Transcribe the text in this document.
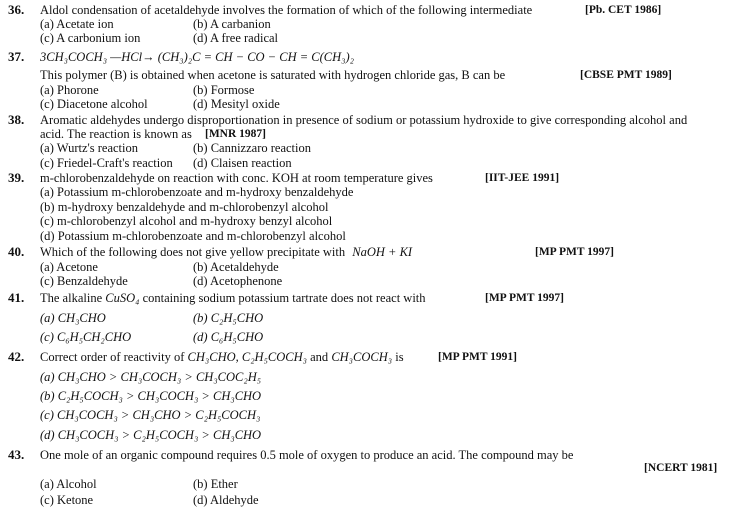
36. Aldol condensation of acetaldehyde involves the formation of which of the following intermediate	[Pb. CET 1986]
(a) Acetate ion	(b) A carbanion
(c) A carbonium ion	(d) A free radical
37. 3CH₃COCH₃ —HCl→ (CH₃)₂C = CH − CO − CH = C(CH₃)₂
This polymer (B) is obtained when acetone is saturated with hydrogen chloride gas, B can be	[CBSE PMT 1989]
(a) Phorone	(b) Formose
(c) Diacetone alcohol	(d) Mesityl oxide
38. Aromatic aldehydes undergo disproportionation in presence of sodium or potassium hydroxide to give corresponding alcohol and
acid. The reaction is known as [MNR 1987]
(a) Wurtz's reaction	(b) Cannizzaro reaction
(c) Friedel-Craft's reaction (d) Claisen reaction
39. m-chlorobenzaldehyde on reaction with conc. KOH at room temperature gives	[IIT-JEE 1991]
(a) Potassium m-chlorobenzoate and m-hydroxy benzaldehyde
(b) m-hydroxy benzaldehyde and m-chlorobenzyl alcohol
(c) m-chlorobenzyl alcohol and m-hydroxy benzyl alcohol
(d) Potassium m-chlorobenzoate and m-chlorobenzyl alcohol
40. Which of the following does not give yellow precipitate with NaOH + KI	[MP PMT 1997]
(a) Acetone	(b) Acetaldehyde
(c) Benzaldehyde	(d) Acetophenone
41. The alkaline CuSO₄ containing sodium potassium tartrate does not react with	[MP PMT 1997]
(a) CH₃CHO	(b) C₂H₅CHO
(c) C₆H₅CH₂CHO	(d) C₆H₅CHO
42. Correct order of reactivity of CH₃CHO, C₂H₅COCH₃ and CH₃COCH₃ is	[MP PMT 1991]
(a) CH₃CHO > CH₃COCH₃ > CH₃COC₂H₅
(b) C₂H₅COCH₃ > CH₃COCH₃ > CH₃CHO
(c) CH₃COCH₃ > CH₃CHO > C₂H₅COCH₃
(d) CH₃COCH₃ > C₂H₅COCH₃ > CH₃CHO
43. One mole of an organic compound requires 0.5 mole of oxygen to produce an acid. The compound may be
[NCERT 1981]
(a) Alcohol	(b) Ether
(c) Ketone	(d) Aldehyde
